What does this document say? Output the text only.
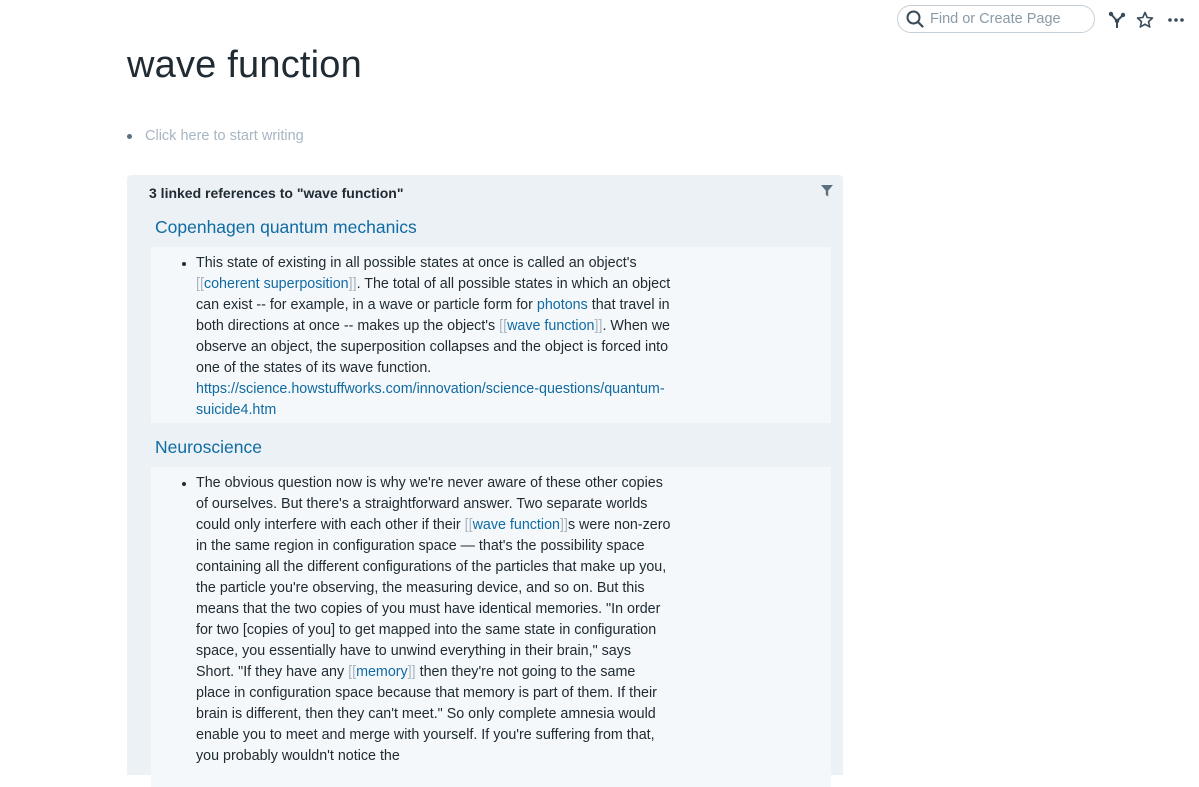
Find or Create Page
wave function
Click here to start writing
3 linked references to "wave function"
Copenhagen quantum mechanics
• This state of existing in all possible states at once is called an object's [[coherent superposition]]. The total of all possible states in which an object can exist -- for example, in a wave or particle form for photons that travel in both directions at once -- makes up the object's [[wave function]]. When we observe an object, the superposition collapses and the object is forced into one of the states of its wave function. https://science.howstuffworks.com/innovation/science-questions/quantum-suicide4.htm
Neuroscience
• The obvious question now is why we're never aware of these other copies of ourselves. But there's a straightforward answer. Two separate worlds could only interfere with each other if their [[wave function]]s were non-zero in the same region in configuration space — that's the possibility space containing all the different configurations of the particles that make up you, the particle you're observing, the measuring device, and so on. But this means that the two copies of you must have identical memories. "In order for two [copies of you] to get mapped into the same state in configuration space, you essentially have to unwind everything in their brain," says Short. "If they have any [[memory]] then they're not going to the same place in configuration space because that memory is part of them. If their brain is different, then they can't meet." So only complete amnesia would enable you to meet and merge with yourself. If you're suffering from that, you probably wouldn't notice the
